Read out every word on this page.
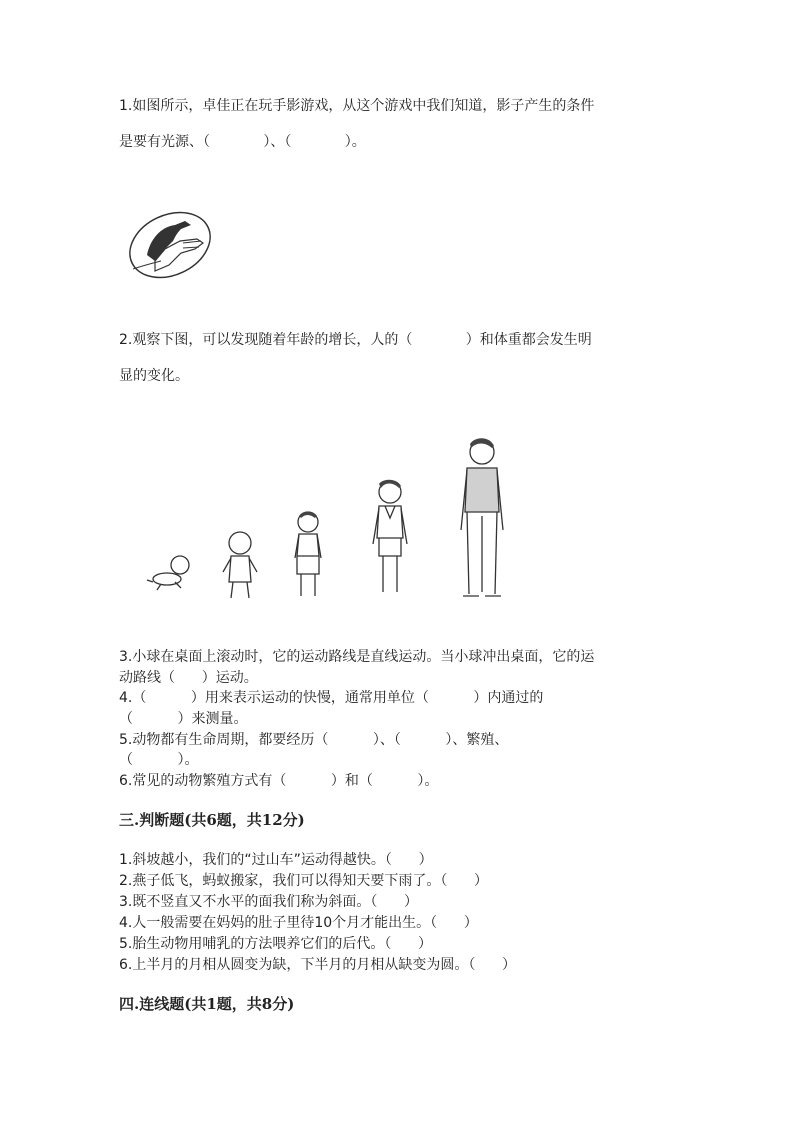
1.如图所示，卓佳正在玩手影游戏，从这个游戏中我们知道，影子产生的条件
是要有光源、（            ）、（            ）。
2.观察下图，可以发现随着年龄的增长，人的（            ）和体重都会发生明
显的变化。
3.小球在桌面上滚动时，它的运动路线是直线运动。当小球冲出桌面，它的运
动路线（      ）运动。
4.（          ）用来表示运动的快慢，通常用单位（          ）内通过的
（          ）来测量。
5.动物都有生命周期，都要经历（          ）、（          ）、繁殖、
（          ）。
6.常见的动物繁殖方式有（          ）和（          ）。
三.判断题(共6题，共12分)
1.斜坡越小，我们的“过山车”运动得越快。（      ）
2.燕子低飞，蚂蚁搬家，我们可以得知天要下雨了。（      ）
3.既不竖直又不水平的面我们称为斜面。（      ）
4.人一般需要在妈妈的肚子里待10个月才能出生。（      ）
5.胎生动物用哺乳的方法喂养它们的后代。（      ）
6.上半月的月相从圆变为缺，下半月的月相从缺变为圆。（      ）
四.连线题(共1题，共8分)
